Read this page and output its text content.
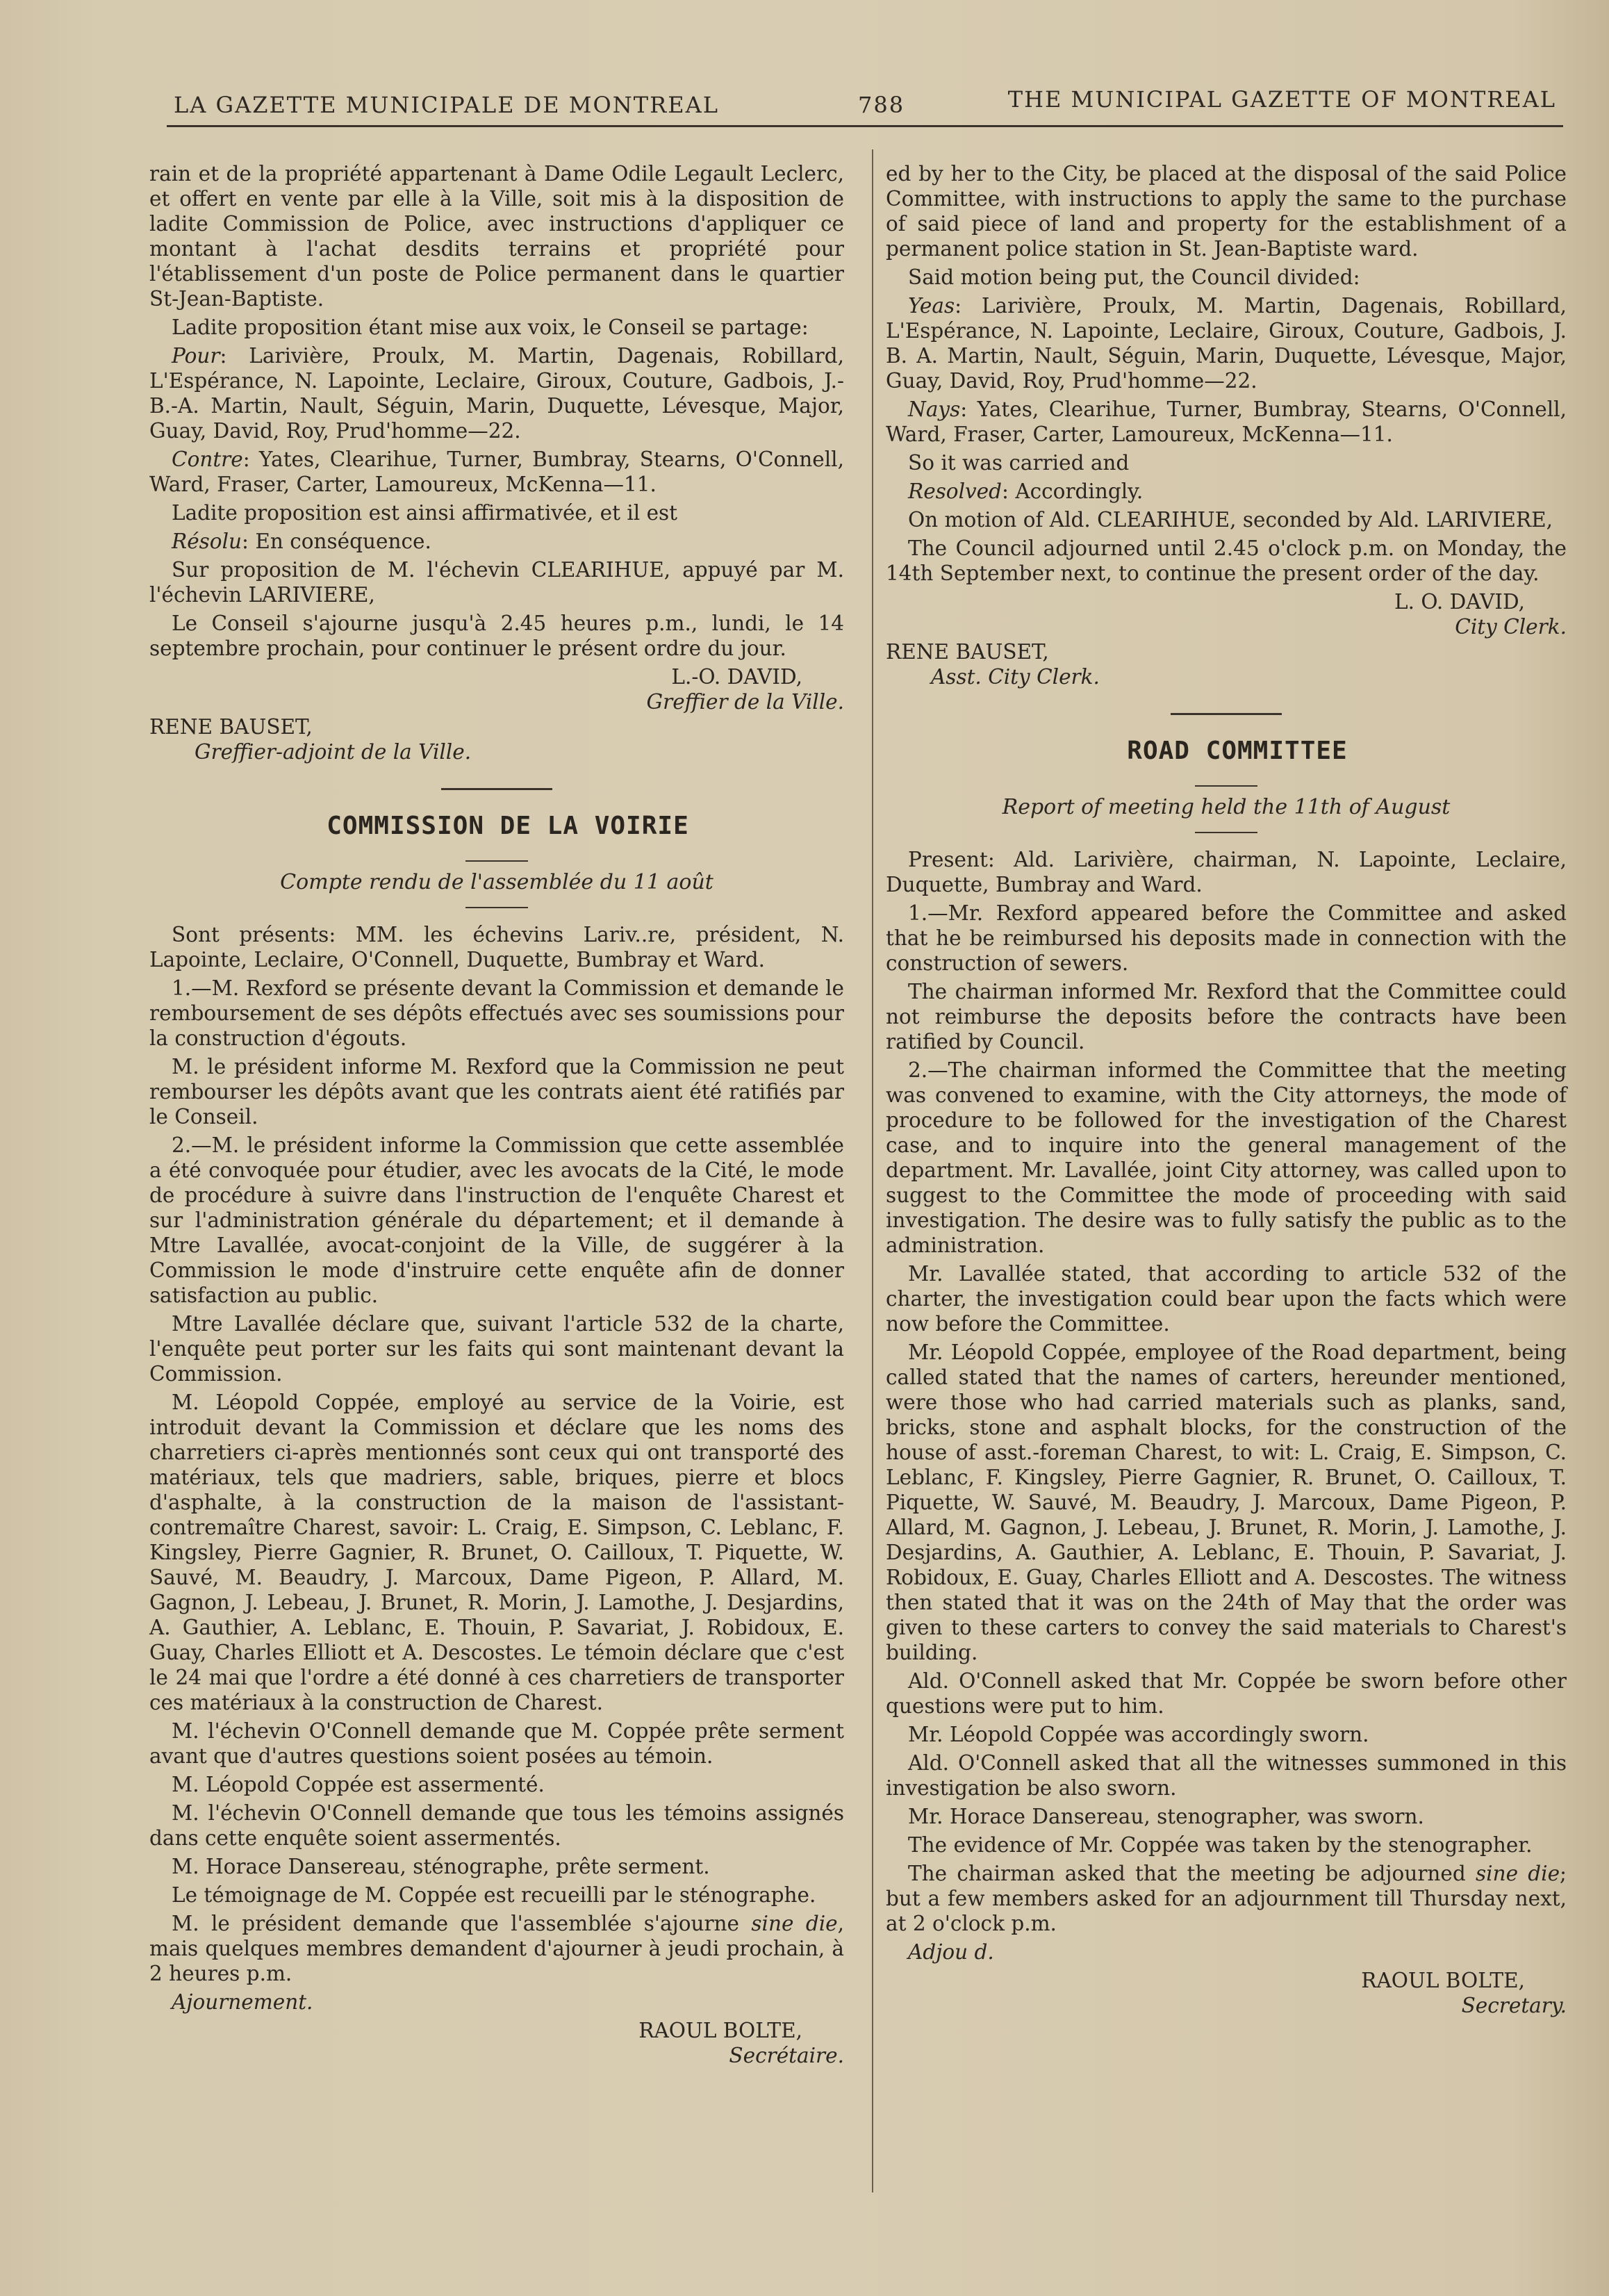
LA GAZETTE MUNICIPALE DE MONTREAL	788	THE MUNICIPAL GAZETTE OF MONTREAL

rain et de la propriété appartenant à Dame Odile Legault Leclerc, et offert en vente par elle à la Ville, soit mis à la disposition de ladite Commission de Police, avec instructions d'appliquer ce montant à l'achat desdits terrains et propriété pour l'établissement d'un poste de Police permanent dans le quartier St-Jean-Baptiste.

Ladite proposition étant mise aux voix, le Conseil se partage:

Pour: Larivière, Proulx, M. Martin, Dagenais, Robillard, L'Espérance, N. Lapointe, Leclaire, Giroux, Couture, Gadbois, J.-B.-A. Martin, Nault, Séguin, Marin, Duquette, Lévesque, Major, Guay, David, Roy, Prud'homme—22.

Contre: Yates, Clearihue, Turner, Bumbray, Stearns, O'Connell, Ward, Fraser, Carter, Lamoureux, McKenna—11.

Ladite proposition est ainsi affirmativée, et il est

Résolu: En conséquence.

Sur proposition de M. l'échevin CLEARIHUE, appuyé par M. l'échevin LARIVIERE,

Le Conseil s'ajourne jusqu'à 2.45 heures p.m., lundi, le 14 septembre prochain, pour continuer le présent ordre du jour.

L.-O. DAVID,

Greffier de la Ville.

RENE BAUSET,

Greffier-adjoint de la Ville.

COMMISSION DE LA VOIRIE

Compte rendu de l'assemblée du 11 août

Sont présents: MM. les échevins Lariv..re, président, N. Lapointe, Leclaire, O'Connell, Duquette, Bumbray et Ward.

1.—M. Rexford se présente devant la Commission et demande le remboursement de ses dépôts effectués avec ses soumissions pour la construction d'égouts.

M. le président informe M. Rexford que la Commission ne peut rembourser les dépôts avant que les contrats aient été ratifiés par le Conseil.

2.—M. le président informe la Commission que cette assemblée a été convoquée pour étudier, avec les avocats de la Cité, le mode de procédure à suivre dans l'instruction de l'enquête Charest et sur l'administration générale du département; et il demande à Mtre Lavallée, avocat-conjoint de la Ville, de suggérer à la Commission le mode d'instruire cette enquête afin de donner satisfaction au public.

Mtre Lavallée déclare que, suivant l'article 532 de la charte, l'enquête peut porter sur les faits qui sont maintenant devant la Commission.

M. Léopold Coppée, employé au service de la Voirie, est introduit devant la Commission et déclare que les noms des charretiers ci-après mentionnés sont ceux qui ont transporté des matériaux, tels que madriers, sable, briques, pierre et blocs d'asphalte, à la construction de la maison de l'assistant-contremaître Charest, savoir: L. Craig, E. Simpson, C. Leblanc, F. Kingsley, Pierre Gagnier, R. Brunet, O. Cailloux, T. Piquette, W. Sauvé, M. Beaudry, J. Marcoux, Dame Pigeon, P. Allard, M. Gagnon, J. Lebeau, J. Brunet, R. Morin, J. Lamothe, J. Desjardins, A. Gauthier, A. Leblanc, E. Thouin, P. Savariat, J. Robidoux, E. Guay, Charles Elliott et A. Descostes. Le témoin déclare que c'est le 24 mai que l'ordre a été donné à ces charretiers de transporter ces matériaux à la construction de Charest.

M. l'échevin O'Connell demande que M. Coppée prête serment avant que d'autres questions soient posées au témoin.

M. Léopold Coppée est assermenté.

M. l'échevin O'Connell demande que tous les témoins assignés dans cette enquête soient assermentés.

M. Horace Dansereau, sténographe, prête serment.

Le témoignage de M. Coppée est recueilli par le sténographe.

M. le président demande que l'assemblée s'ajourne sine die, mais quelques membres demandent d'ajourner à jeudi prochain, à 2 heures p.m.

Ajournement.

RAOUL BOLTE,

Secrétaire.

ed by her to the City, be placed at the disposal of the said Police Committee, with instructions to apply the same to the purchase of said piece of land and property for the establishment of a permanent police station in St. Jean-Baptiste ward.

Said motion being put, the Council divided:

Yeas: Larivière, Proulx, M. Martin, Dagenais, Robillard, L'Espérance, N. Lapointe, Leclaire, Giroux, Couture, Gadbois, J. B. A. Martin, Nault, Séguin, Marin, Duquette, Lévesque, Major, Guay, David, Roy, Prud'homme—22.

Nays: Yates, Clearihue, Turner, Bumbray, Stearns, O'Connell, Ward, Fraser, Carter, Lamoureux, McKenna—11.

So it was carried and

Resolved: Accordingly.

On motion of Ald. CLEARIHUE, seconded by Ald. LARIVIERE,

The Council adjourned until 2.45 o'clock p.m. on Monday, the 14th September next, to continue the present order of the day.

L. O. DAVID,

City Clerk.

RENE BAUSET,

Asst. City Clerk.

ROAD COMMITTEE

Report of meeting held the 11th of August

Present: Ald. Larivière, chairman, N. Lapointe, Leclaire, Duquette, Bumbray and Ward.

1.—Mr. Rexford appeared before the Committee and asked that he be reimbursed his deposits made in connection with the construction of sewers.

The chairman informed Mr. Rexford that the Committee could not reimburse the deposits before the contracts have been ratified by Council.

2.—The chairman informed the Committee that the meeting was convened to examine, with the City attorneys, the mode of procedure to be followed for the investigation of the Charest case, and to inquire into the general management of the department. Mr. Lavallée, joint City attorney, was called upon to suggest to the Committee the mode of proceeding with said investigation. The desire was to fully satisfy the public as to the administration.

Mr. Lavallée stated, that according to article 532 of the charter, the investigation could bear upon the facts which were now before the Committee.

Mr. Léopold Coppée, employee of the Road department, being called stated that the names of carters, hereunder mentioned, were those who had carried materials such as planks, sand, bricks, stone and asphalt blocks, for the construction of the house of asst.-foreman Charest, to wit: L. Craig, E. Simpson, C. Leblanc, F. Kingsley, Pierre Gagnier, R. Brunet, O. Cailloux, T. Piquette, W. Sauvé, M. Beaudry, J. Marcoux, Dame Pigeon, P. Allard, M. Gagnon, J. Lebeau, J. Brunet, R. Morin, J. Lamothe, J. Desjardins, A. Gauthier, A. Leblanc, E. Thouin, P. Savariat, J. Robidoux, E. Guay, Charles Elliott and A. Descostes. The witness then stated that it was on the 24th of May that the order was given to these carters to convey the said materials to Charest's building.

Ald. O'Connell asked that Mr. Coppée be sworn before other questions were put to him.

Mr. Léopold Coppée was accordingly sworn.

Ald. O'Connell asked that all the witnesses summoned in this investigation be also sworn.

Mr. Horace Dansereau, stenographer, was sworn.

The evidence of Mr. Coppée was taken by the stenographer.

The chairman asked that the meeting be adjourned sine die; but a few members asked for an adjournment till Thursday next, at 2 o'clock p.m.

Adjou d.

RAOUL BOLTE,

Secretary.
